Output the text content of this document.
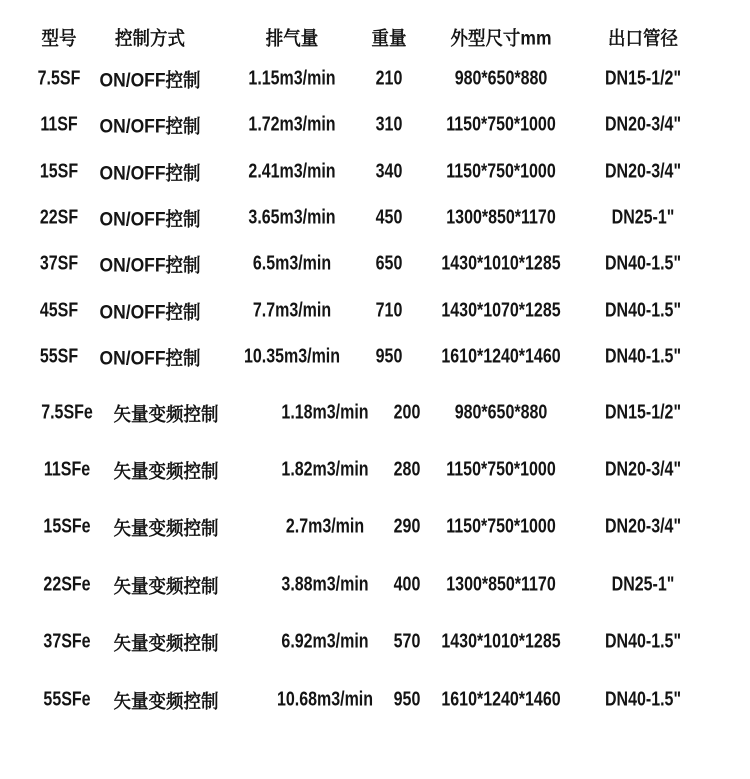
型号 控制方式	排气量	重量 外型尺寸mm	出口管径
7.5SF ON/OFF控制 1.15m3/min 210	980*650*880	DN15-1/2"
11SF ON/OFF控制 1.72m3/min 310 1150*750*1000 DN20-3/4"
15SF ON/OFF控制 2.41m3/min 340 1150*750*1000 DN20-3/4"
22SF ON/OFF控制 3.65m3/min 450 1300*850*1170	DN25-1"
37SF ON/OFF控制	6.5m3/min 650 1430*1010*1285 DN40-1.5"
45SF ON/OFF控制	7.7m3/min 710 1430*1070*1285 DN40-1.5"
55SF ON/OFF控制 10.35m3/min 950 1610*1240*1460 DN40-1.5"
7.5SFe 矢量变频控制	1.18m3/min 200 980*650*880	DN15-1/2"
11SFe 矢量变频控制	1.82m3/min 280 1150*750*1000 DN20-3/4"
15SFe 矢量变频控制	2.7m3/min 290 1150*750*1000 DN20-3/4"
22SFe 矢量变频控制	3.88m3/min 400 1300*850*1170	DN25-1"
37SFe 矢量变频控制	6.92m3/min 570 1430*1010*1285 DN40-1.5"
55SFe 矢量变频控制	10.68m3/min 950 1610*1240*1460 DN40-1.5"
